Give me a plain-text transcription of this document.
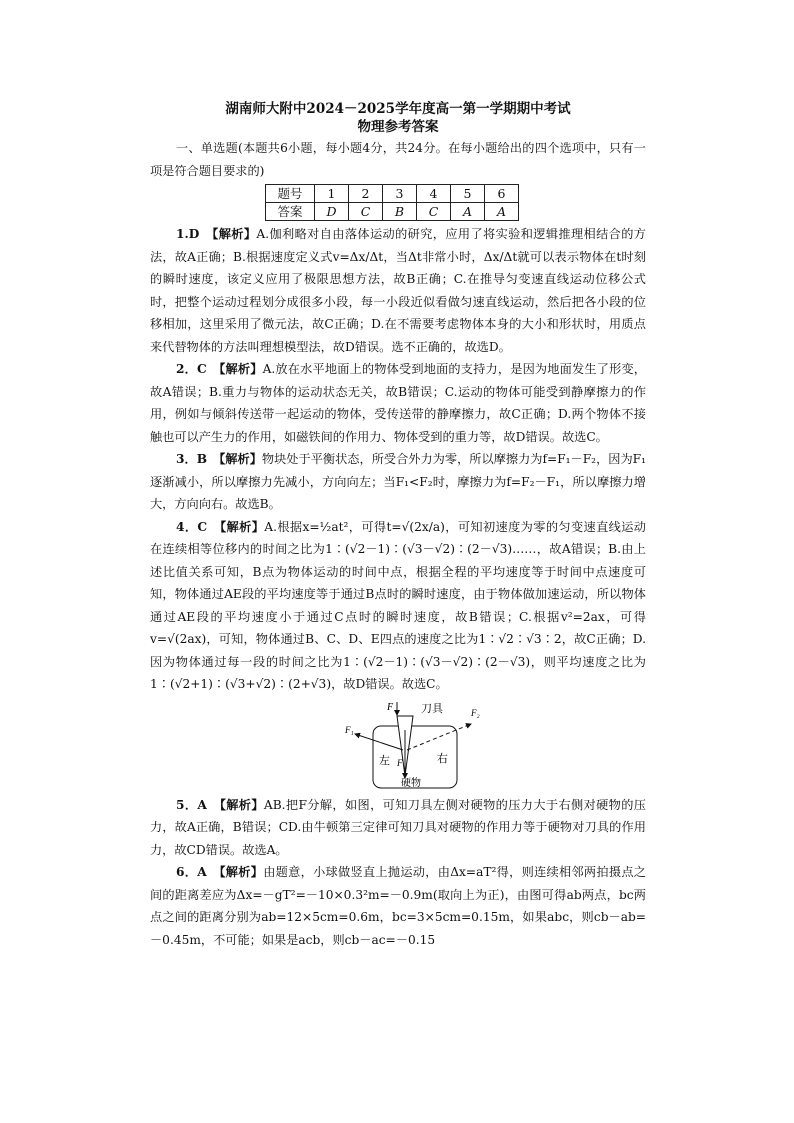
湖南师大附中2024－2025学年度高一第一学期期中考试
物理参考答案

一、单选题(本题共6小题，每小题4分，共24分。在每小题给出的四个选项中，只有一项是符合题目要求的)

题号	1	2	3	4	5	6
答案	D	C	B	C	A	A

1.D　【解析】A.伽利略对自由落体运动的研究，应用了将实验和逻辑推理相结合的方法，故A正确；B.根据速度定义式v=Δx/Δt，当Δt非常小时，Δx/Δt就可以表示物体在t时刻的瞬时速度，该定义应用了极限思想方法，故B正确；C.在推导匀变速直线运动位移公式时，把整个运动过程划分成很多小段，每一小段近似看做匀速直线运动，然后把各小段的位移相加，这里采用了微元法，故C正确；D.在不需要考虑物体本身的大小和形状时，用质点来代替物体的方法叫理想模型法，故D错误。选不正确的，故选D。

2．C　【解析】A.放在水平地面上的物体受到地面的支持力，是因为地面发生了形变，故A错误；B.重力与物体的运动状态无关，故B错误；C.运动的物体可能受到静摩擦力的作用，例如与倾斜传送带一起运动的物体，受传送带的静摩擦力，故C正确；D.两个物体不接触也可以产生力的作用，如磁铁间的作用力、物体受到的重力等，故D错误。故选C。

3．B　【解析】物块处于平衡状态，所受合外力为零，所以摩擦力为f=F₁－F₂，因为F₁逐渐减小，所以摩擦力先减小，方向向左；当F₁<F₂时，摩擦力为f=F₂－F₁，所以摩擦力增大，方向向右。故选B。

4．C　【解析】A.根据x=½at²，可得t=√(2x/a)，可知初速度为零的匀变速直线运动在连续相等位移内的时间之比为1∶(√2－1)∶(√3－√2)∶(2－√3)……，故A错误；B.由上述比值关系可知，B点为物体运动的时间中点，根据全程的平均速度等于时间中点速度可知，物体通过AE段的平均速度等于通过B点时的瞬时速度，由于物体做加速运动，所以物体通过AE段的平均速度小于通过C点时的瞬时速度，故B错误；C.根据v²=2ax，可得v=√(2ax)，可知，物体通过B、C、D、E四点的速度之比为1∶√2∶√3∶2，故C正确；D.因为物体通过每一段的时间之比为1∶(√2－1)∶(√3－√2)∶(2－√3)，则平均速度之比为1∶(√2+1)∶(√3+√2)∶(2+√3)，故D错误。故选C。

F	刀具
F₁
F₂
左 F	右
硬物

5．A　【解析】AB.把F分解，如图，可知刀具左侧对硬物的压力大于右侧对硬物的压力，故A正确，B错误；CD.由牛顿第三定律可知刀具对硬物的作用力等于硬物对刀具的作用力，故CD错误。故选A。

6．A　【解析】由题意，小球做竖直上抛运动，由Δx=aT²得，则连续相邻两拍摄点之间的距离差应为Δx=－gT²=－10×0.3²m=－0.9m(取向上为正)，由图可得ab两点，bc两点之间的距离分别为ab=12×5cm=0.6m，bc=3×5cm=0.15m，如果abc，则cb－ab=－0.45m，不可能；如果是acb，则cb－ac=－0.15
